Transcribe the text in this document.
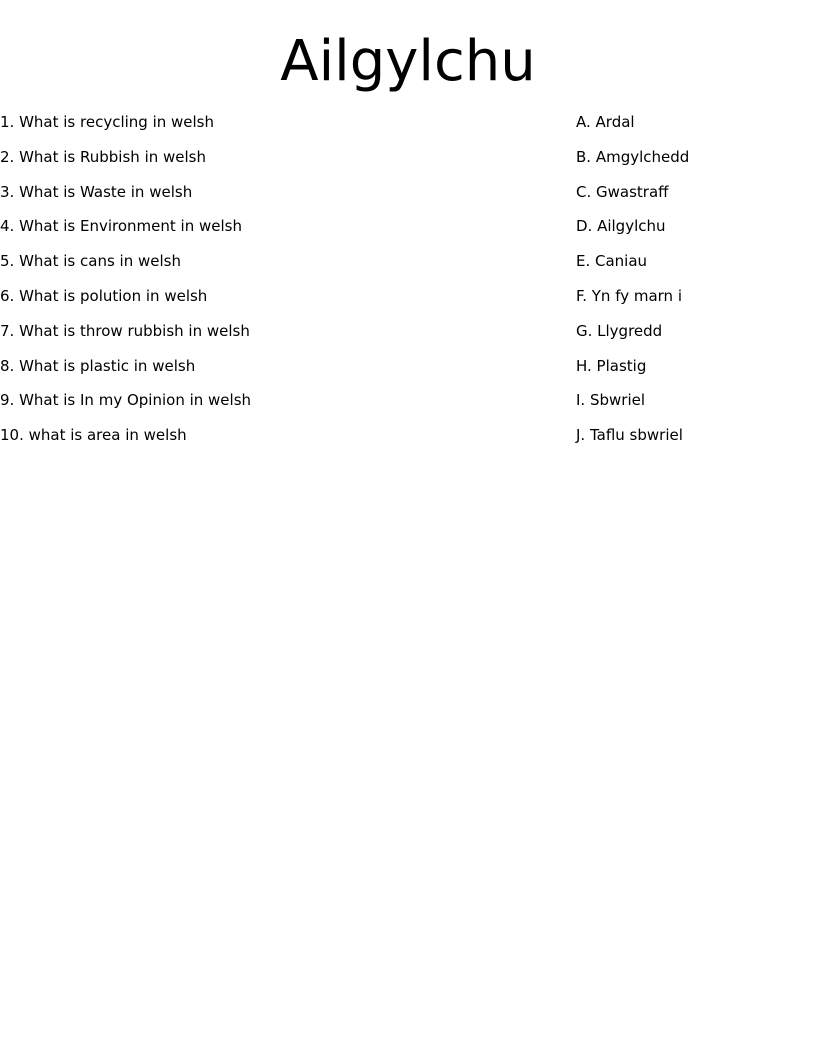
Ailgylchu
1. What is recycling in welsh
2. What is Rubbish in welsh
3. What is Waste in welsh
4. What is Environment in welsh
5. What is cans in welsh
6. What is polution in welsh
7. What is throw rubbish in welsh
8. What is plastic in welsh
9. What is In my Opinion in welsh
10. what is area in welsh
A. Ardal
B. Amgylchedd
C. Gwastraff
D. Ailgylchu
E. Caniau
F. Yn fy marn i
G. Llygredd
H. Plastig
I. Sbwriel
J. Taflu sbwriel
